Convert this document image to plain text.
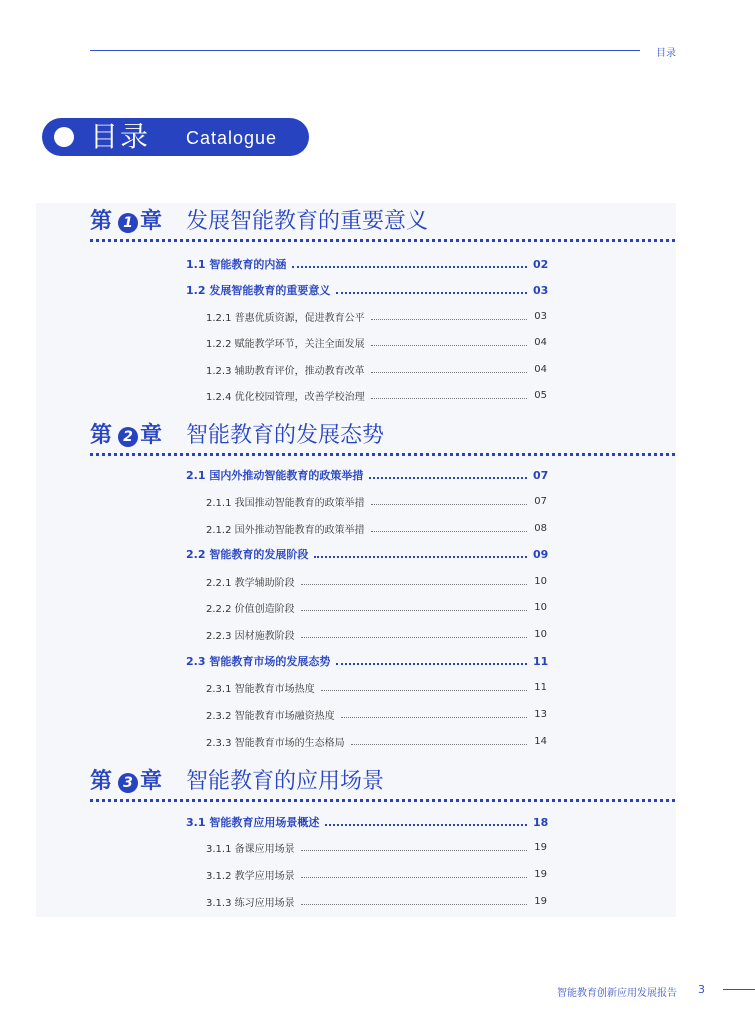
目录
目录 Catalogue
第 1 章 发展智能教育的重要意义
1.1 智能教育的内涵	02
1.2 发展智能教育的重要意义	03
1.2.1 普惠优质资源，促进教育公平	03
1.2.2 赋能教学环节，关注全面发展	04
1.2.3 辅助教育评价，推动教育改革	04
1.2.4 优化校园管理，改善学校治理	05
第 2 章 智能教育的发展态势
2.1 国内外推动智能教育的政策举措	07
2.1.1 我国推动智能教育的政策举措	07
2.1.2 国外推动智能教育的政策举措	08
2.2 智能教育的发展阶段	09
2.2.1 教学辅助阶段	10
2.2.2 价值创造阶段	10
2.2.3 因材施教阶段	10
2.3 智能教育市场的发展态势	11
2.3.1 智能教育市场热度	11
2.3.2 智能教育市场融资热度	13
2.3.3 智能教育市场的生态格局	14
第 3 章 智能教育的应用场景
3.1 智能教育应用场景概述	18
3.1.1 备课应用场景	19
3.1.2 教学应用场景	19
3.1.3 练习应用场景	19
智能教育创新应用发展报告 3
